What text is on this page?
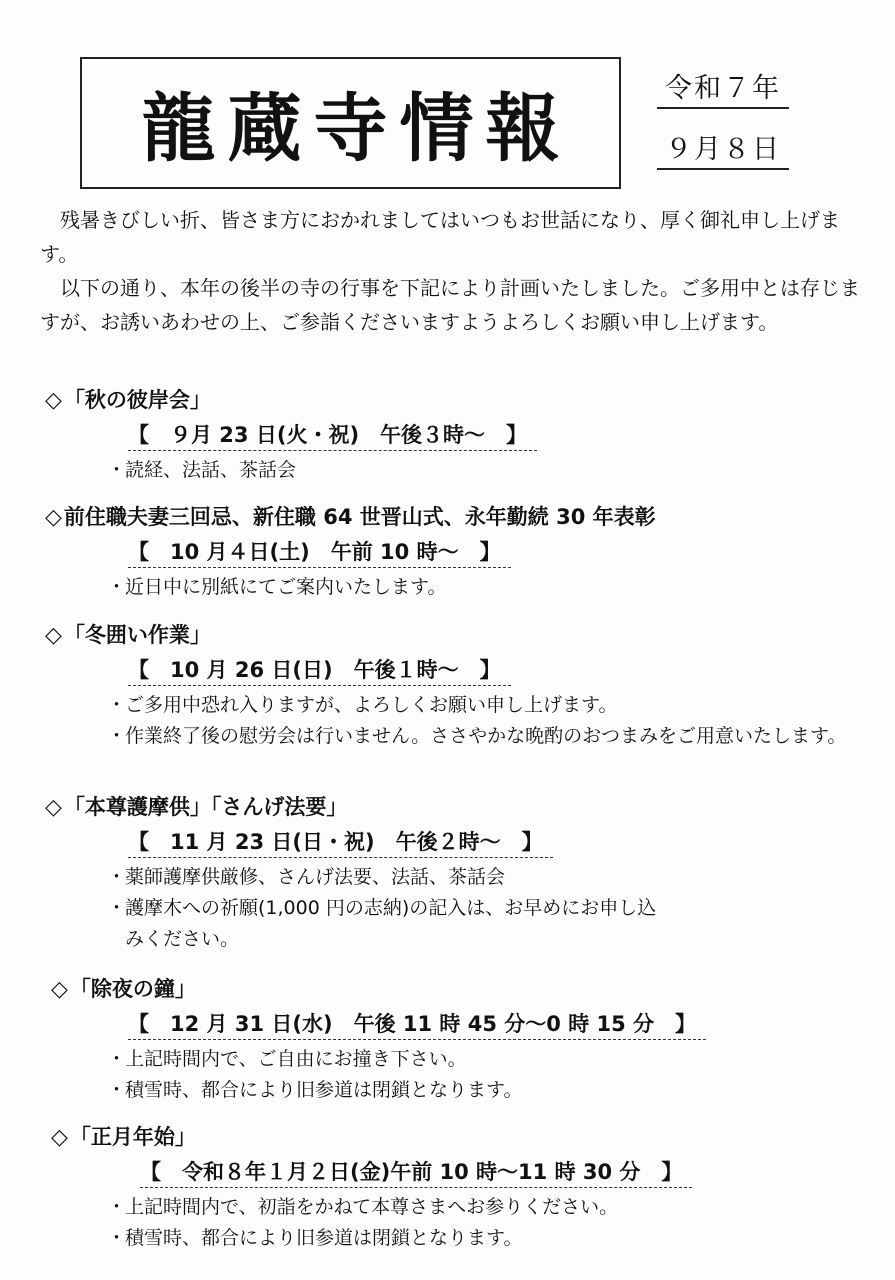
龍蔵寺情報	令和７年
９月８日

残暑きびしい折、皆さま方におかれましてはいつもお世話になり、厚く御礼申し上げます。

以下の通り、本年の後半の寺の行事を下記により計画いたしました。ご多用中とは存じますが、お誘いあわせの上、ご参詣くださいますようよろしくお願い申し上げます。

◇「秋の彼岸会」
【　９月 23 日(火・祝)　午後３時～　】
・読経、法話、茶話会
◇前住職夫妻三回忌、新住職 64 世晋山式、永年勤続 30 年表彰
【　10 月４日(土)　午前 10 時～　】
・近日中に別紙にてご案内いたします。
◇「冬囲い作業」
【　10 月 26 日(日)　午後１時～　】
・ご多用中恐れ入りますが、よろしくお願い申し上げます。
・作業終了後の慰労会は行いません。ささやかな晩酌のおつまみをご用意いたします。
◇「本尊護摩供」「さんげ法要」
【　11 月 23 日(日・祝)　午後２時～　】
・薬師護摩供厳修、さんげ法要、法話、茶話会
・護摩木への祈願(1,000 円の志納)の記入は、お早めにお申し込みください。
◇「除夜の鐘」
【　12 月 31 日(水)　午後 11 時 45 分～0 時 15 分　】
・上記時間内で、ご自由にお撞き下さい。
・積雪時、都合により旧参道は閉鎖となります。
◇「正月年始」
【　令和８年１月２日(金)午前 10 時～11 時 30 分　】
・上記時間内で、初詣をかねて本尊さまへお参りください。
・積雪時、都合により旧参道は閉鎖となります。
